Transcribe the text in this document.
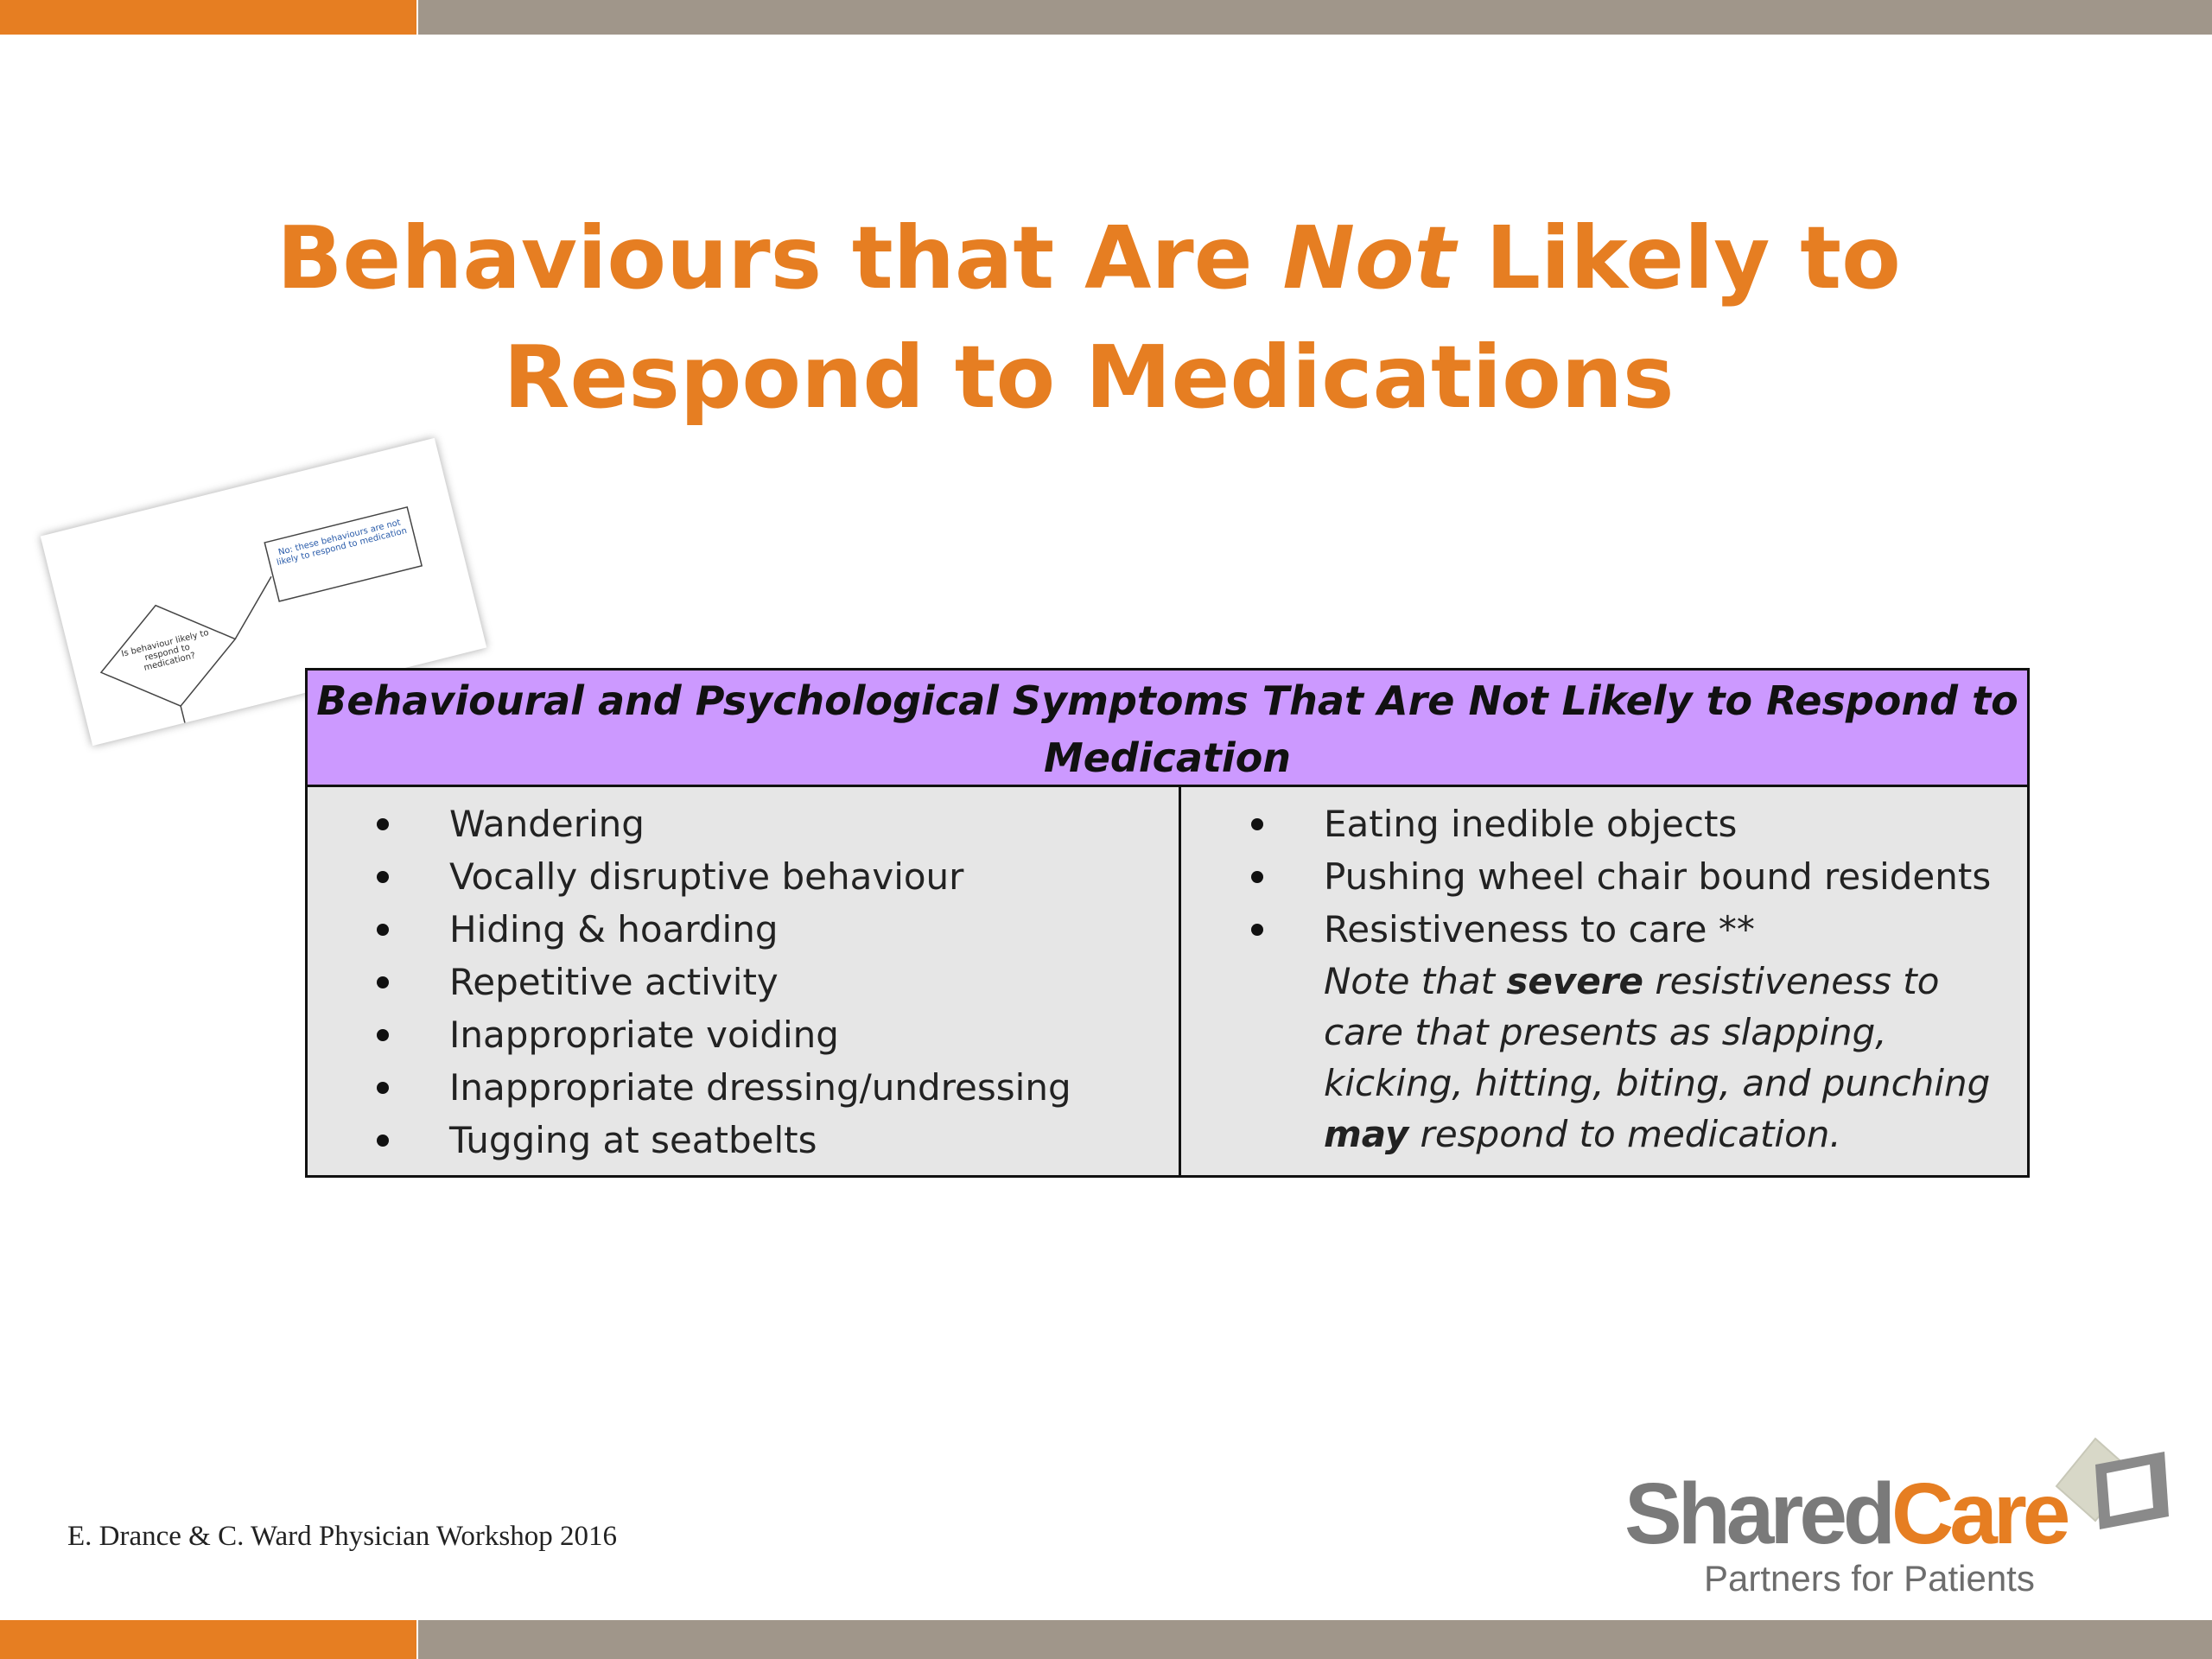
Behaviours that Are Not Likely to Respond to Medications
Is behaviour likely to respond to medication?
No: these behaviours are not likely to respond to medication
Behavioural and Psychological Symptoms That Are Not Likely to Respond to Medication
Wandering
Vocally disruptive behaviour
Hiding & hoarding
Repetitive activity
Inappropriate voiding
Inappropriate dressing/undressing
Tugging at seatbelts
Eating inedible objects
Pushing wheel chair bound residents
Resistiveness to care **
Note that severe resistiveness to care that presents as slapping, kicking, hitting, biting, and punching may respond to medication.
E. Drance & C. Ward Physician Workshop 2016	SharedCare
Partners for Patients
